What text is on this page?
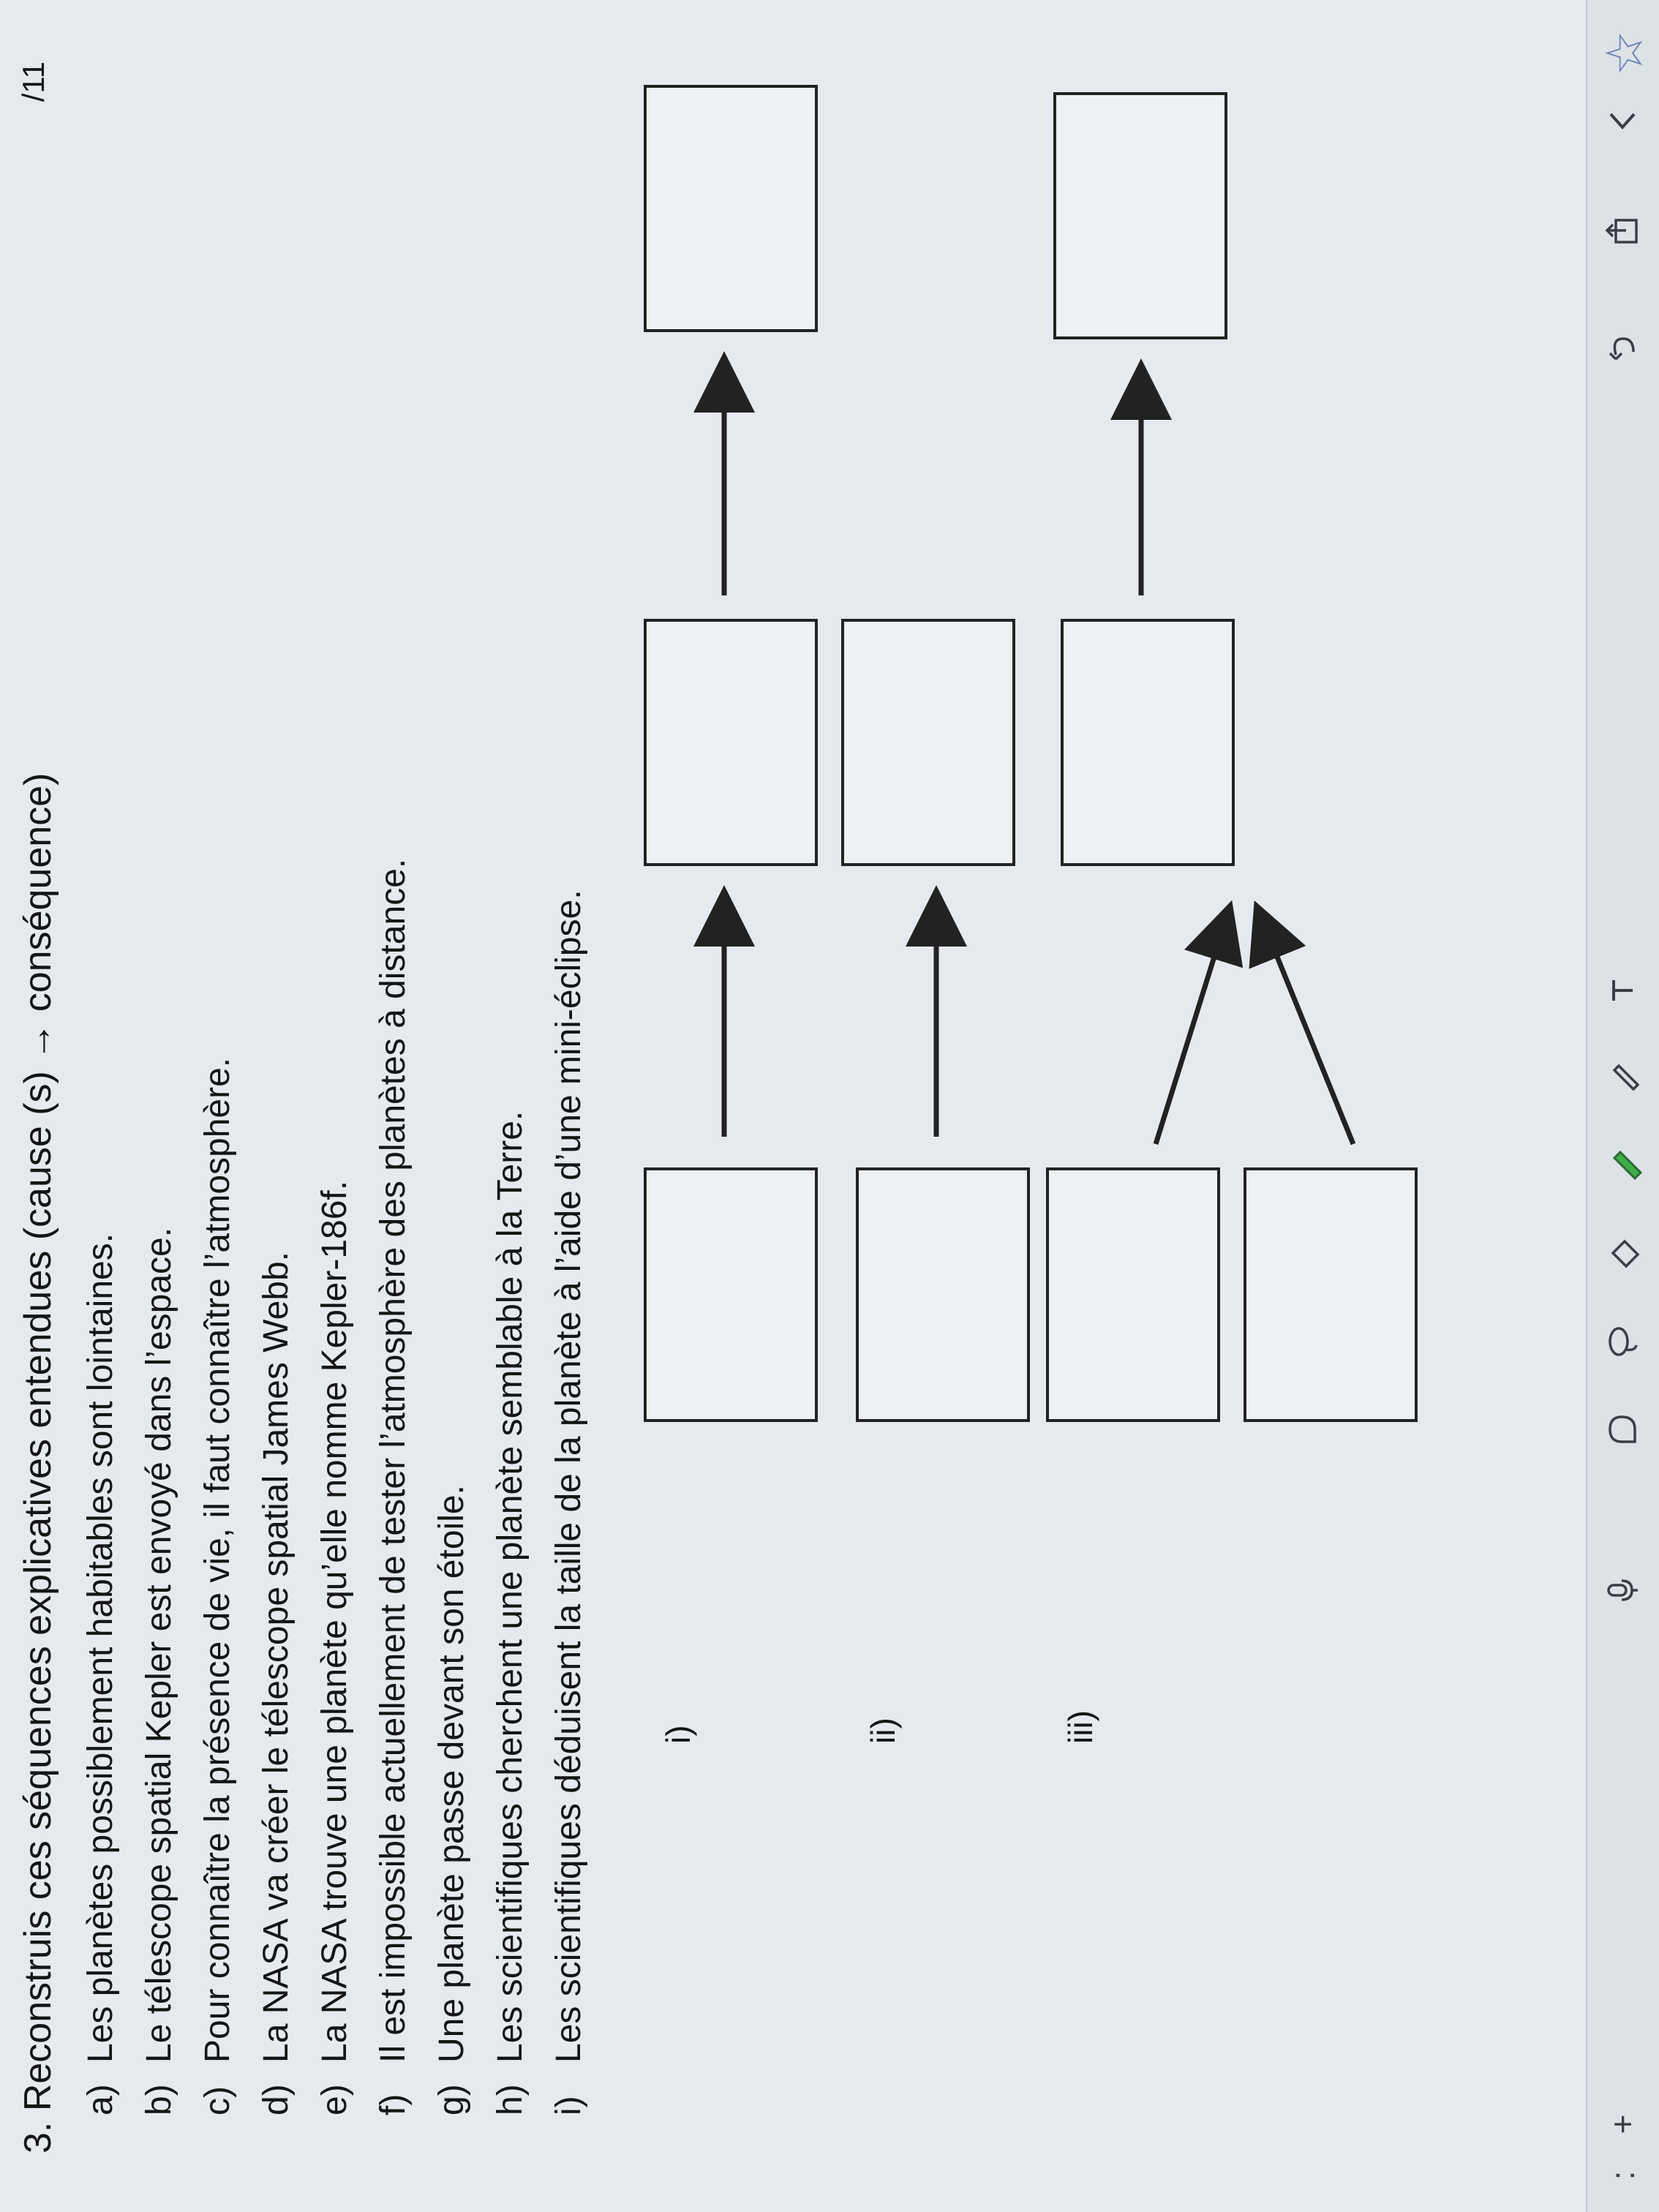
3. Reconstruis ces séquences explicatives entendues (cause (s) → conséquence)
/11
a)Les planètes possiblement habitables sont lointaines.
b)Le télescope spatial Kepler est envoyé dans l’espace.
c)Pour connaître la présence de vie, il faut connaître l’atmosphère.
d)La NASA va créer le télescope spatial James Webb.
e)La NASA trouve une planète qu’elle nomme Kepler-186f.
f)Il est impossible actuellement de tester l’atmosphère des planètes à distance.
g)Une planète passe devant son étoile.
h)Les scientifiques cherchent une planète semblable à la Terre.
i)Les scientifiques déduisent la taille de la planète à l’aide d’une mini-éclipse. i)	ii)	iii)
+
:
☆
